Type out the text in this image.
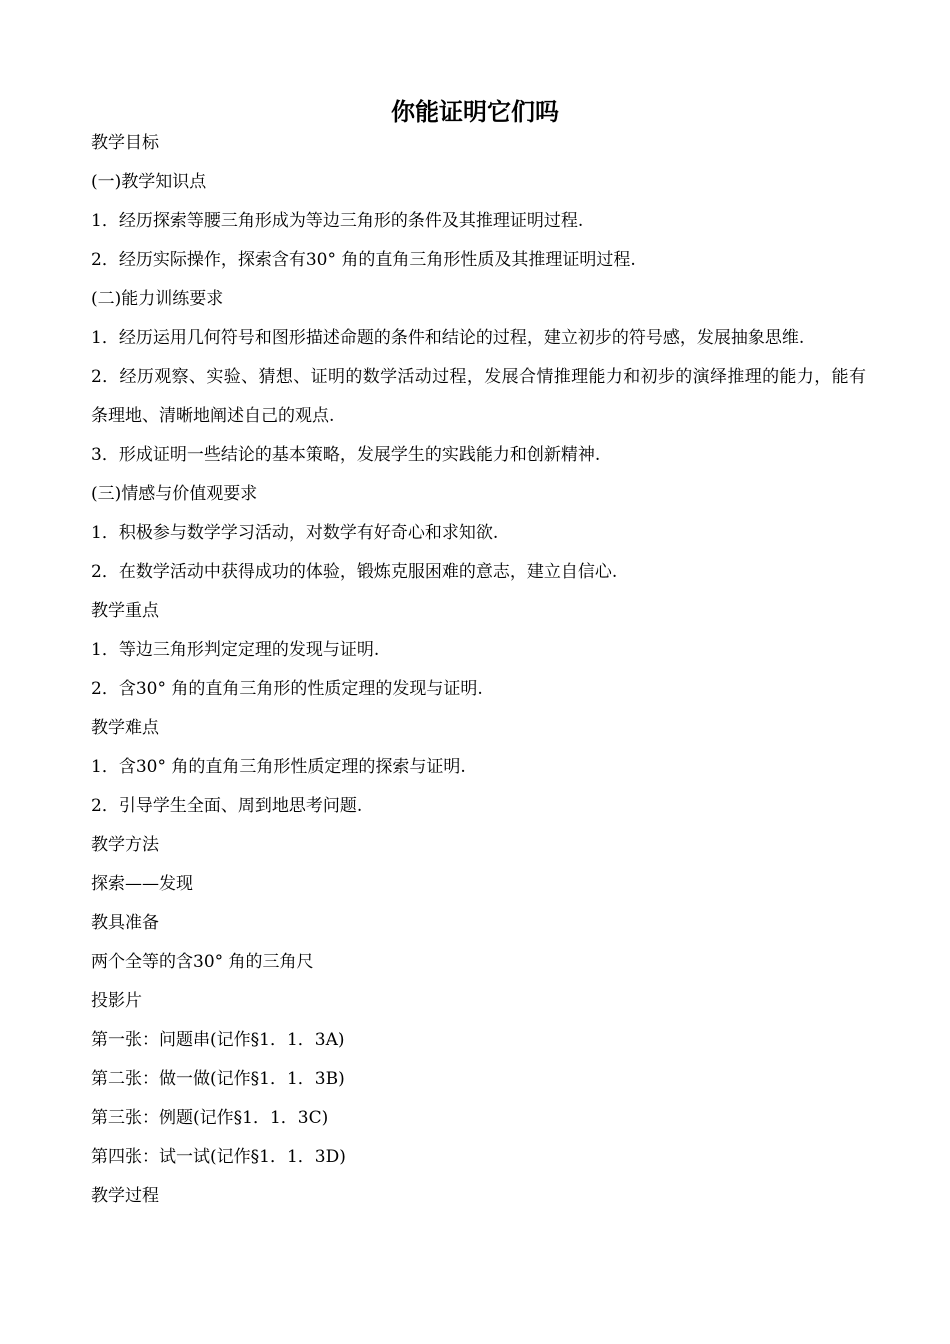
你能证明它们吗

教学目标

(一)教学知识点

1．经历探索等腰三角形成为等边三角形的条件及其推理证明过程.

2．经历实际操作，探索含有30° 角的直角三角形性质及其推理证明过程.

(二)能力训练要求

1．经历运用几何符号和图形描述命题的条件和结论的过程，建立初步的符号感，发展抽象思维.

2．经历观察、实验、猜想、证明的数学活动过程，发展合情推理能力和初步的演绎推理的能力，能有条理地、清晰地阐述自己的观点.

3．形成证明一些结论的基本策略，发展学生的实践能力和创新精神.

(三)情感与价值观要求

1．积极参与数学学习活动，对数学有好奇心和求知欲.

2．在数学活动中获得成功的体验，锻炼克服困难的意志，建立自信心.

教学重点

1．等边三角形判定定理的发现与证明.

2．含30° 角的直角三角形的性质定理的发现与证明.

教学难点

1．含30° 角的直角三角形性质定理的探索与证明.

2．引导学生全面、周到地思考问题.

教学方法

探索——发现

教具准备

两个全等的含30° 角的三角尺

投影片

第一张：问题串(记作§1．1．3A)

第二张：做一做(记作§1．1．3B)

第三张：例题(记作§1．1．3C)

第四张：试一试(记作§1．1．3D)

教学过程
